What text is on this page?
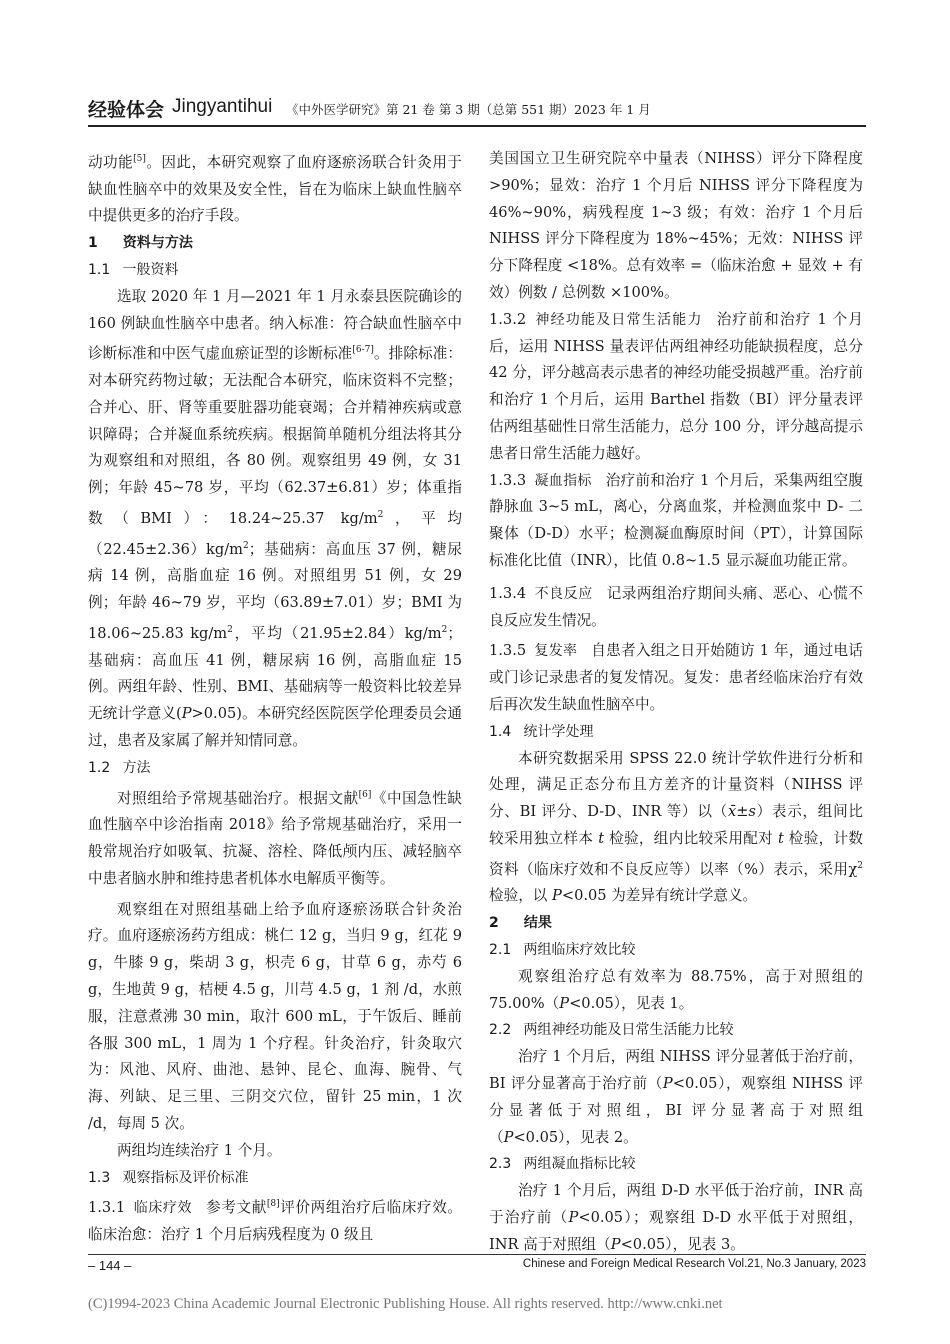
经验体会 Jingyantihui 《中外医学研究》第 21 卷 第 3 期（总第 551 期）2023 年 1 月

动功能[5]。因此，本研究观察了血府逐瘀汤联合针灸用于缺血性脑卒中的效果及安全性，旨在为临床上缺血性脑卒中提供更多的治疗手段。

1 资料与方法
1.1 一般资料

选取 2020 年 1 月—2021 年 1 月永泰县医院确诊的 160 例缺血性脑卒中患者。纳入标准：符合缺血性脑卒中诊断标准和中医气虚血瘀证型的诊断标准[6-7]。排除标准：对本研究药物过敏；无法配合本研究，临床资料不完整；合并心、肝、肾等重要脏器功能衰竭；合并精神疾病或意识障碍；合并凝血系统疾病。根据简单随机分组法将其分为观察组和对照组，各 80 例。观察组男 49 例，女 31 例；年龄 45~78 岁，平均（62.37±6.81）岁；体重指数（BMI）：18.24~25.37 $kg/m^2$，平均$(22.45\pm 2.36)kg/m^2$；基础病：高血压 37 例，糖尿病 14 例，高脂血症 16 例。对照组男 51 例，女 29 例；年龄 46~79 岁，平均（63.89±7.01）岁；BMI 为 18.06~25.83 $kg/m^2$，平均$(21.95\pm 2.84)kg/m^2$；基础病：高血压 41 例，糖尿病 16 例，高脂血症 15 例。两组年龄、性别、BMI、基础病等一般资料比较差异无统计学意义(P>0.05)。本研究经医院医学伦理委员会通过，患者及家属了解并知情同意。

1.2 方法

对照组给予常规基础治疗。根据文献[6]《中国急性缺血性脑卒中诊治指南 2018》给予常规基础治疗，采用一般常规治疗如吸氧、抗凝、溶栓、降低颅内压、减轻脑卒中患者脑水肿和维持患者机体水电解质平衡等。

观察组在对照组基础上给予血府逐瘀汤联合针灸治疗。血府逐瘀汤药方组成：桃仁 12 g，当归 9 g，红花 9 g，牛膝 9 g，柴胡 3 g，枳壳 6 g，甘草 6 g，赤芍 6 g，生地黄 9 g，桔梗 4.5 g，川芎 4.5 g，1 剂 /d，水煎服，注意煮沸 30 min，取汁 600 mL，于午饭后、睡前各服 300 mL，1 周为 1 个疗程。针灸治疗，针灸取穴为：风池、风府、曲池、悬钟、昆仑、血海、腕骨、气海、列缺、足三里、三阴交穴位，留针 25 min，1 次 /d，每周 5 次。

两组均连续治疗 1 个月。

1.3 观察指标及评价标准

1.3.1 临床疗效 参考文献[8]评价两组治疗后临床疗效。临床治愈：治疗 1 个月后病残程度为 0 级且

美国国立卫生研究院卒中量表（NIHSS）评分下降程度 >90%；显效：治疗 1 个月后 NIHSS 评分下降程度为 46%~90%，病残程度 1~3 级；有效：治疗 1 个月后 NIHSS 评分下降程度为 18%~45%；无效：NIHSS 评分下降程度 <18%。总有效率 =（临床治愈 + 显效 + 有效）例数 / 总例数 ×100%。

1.3.2 神经功能及日常生活能力 治疗前和治疗 1 个月后，运用 NIHSS 量表评估两组神经功能缺损程度，总分 42 分，评分越高表示患者的神经功能受损越严重。治疗前和治疗 1 个月后，运用 Barthel 指数（BI）评分量表评估两组基础性日常生活能力，总分 100 分，评分越高提示患者日常生活能力越好。

1.3.3 凝血指标 治疗前和治疗 1 个月后，采集两组空腹静脉血 3~5 mL，离心，分离血浆，并检测血浆中 D- 二聚体（D-D）水平；检测凝血酶原时间（PT），计算国际标准化比值（INR），比值 0.8~1.5 显示凝血功能正常。

1.3.4 不良反应 记录两组治疗期间头痛、恶心、心慌不良反应发生情况。

1.3.5 复发率 自患者入组之日开始随访 1 年，通过电话或门诊记录患者的复发情况。复发：患者经临床治疗有效后再次发生缺血性脑卒中。

1.4 统计学处理

本研究数据采用 SPSS 22.0 统计学软件进行分析和处理，满足正态分布且方差齐的计量资料（NIHSS 评分、BI 评分、D-D、INR 等）以（x̄±s）表示，组间比较采用独立样本 t 检验，组内比较采用配对 t 检验，计数资料（临床疗效和不良反应等）以率（%）表示，采用$\chi^2$ 检验，以 P<0.05 为差异有统计学意义。

2 结果
2.1 两组临床疗效比较

观察组治疗总有效率为 88.75%，高于对照组的 75.00%（P<0.05），见表 1。

2.2 两组神经功能及日常生活能力比较

治疗 1 个月后，两组 NIHSS 评分显著低于治疗前，BI 评分显著高于治疗前（P<0.05），观察组 NIHSS 评分显著低于对照组，BI 评分显著高于对照组（P<0.05），见表 2。

2.3 两组凝血指标比较

治疗 1 个月后，两组 D-D 水平低于治疗前，INR 高于治疗前（P<0.05）；观察组 D-D 水平低于对照组，INR 高于对照组（P<0.05），见表 3。

– 144 –	Chinese and Foreign Medical Research Vol.21, No.3 January, 2023
(C)1994-2023 China Academic Journal Electronic Publishing House. All rights reserved. http://www.cnki.net
